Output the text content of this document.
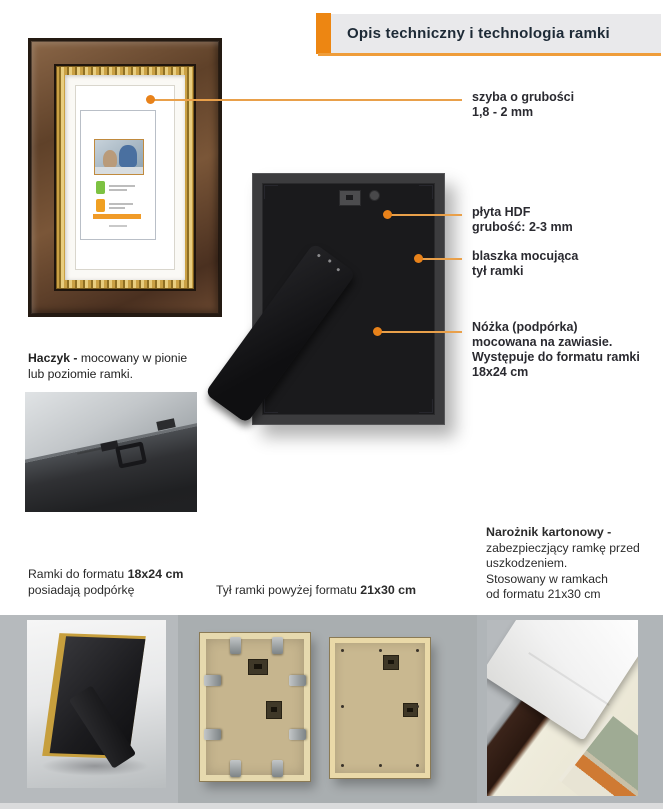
Opis techniczny i technologia ramki
szyba o grubości
1,8 - 2 mm
płyta HDF
grubość: 2-3 mm
blaszka mocująca
tył ramki
Nóżka (podpórka)
mocowana na zawiasie.
Występuje do formatu ramki
18x24 cm
Haczyk - mocowany w pionie
lub poziomie ramki.
Ramki do formatu 18x24 cm
posiadają podpórkę	Tył ramki powyżej formatu 21x30 cm
Narożnik kartonowy -
zabezpieczjący ramkę przed
uszkodzeniem.
Stosowany w ramkach
od formatu 21x30 cm
